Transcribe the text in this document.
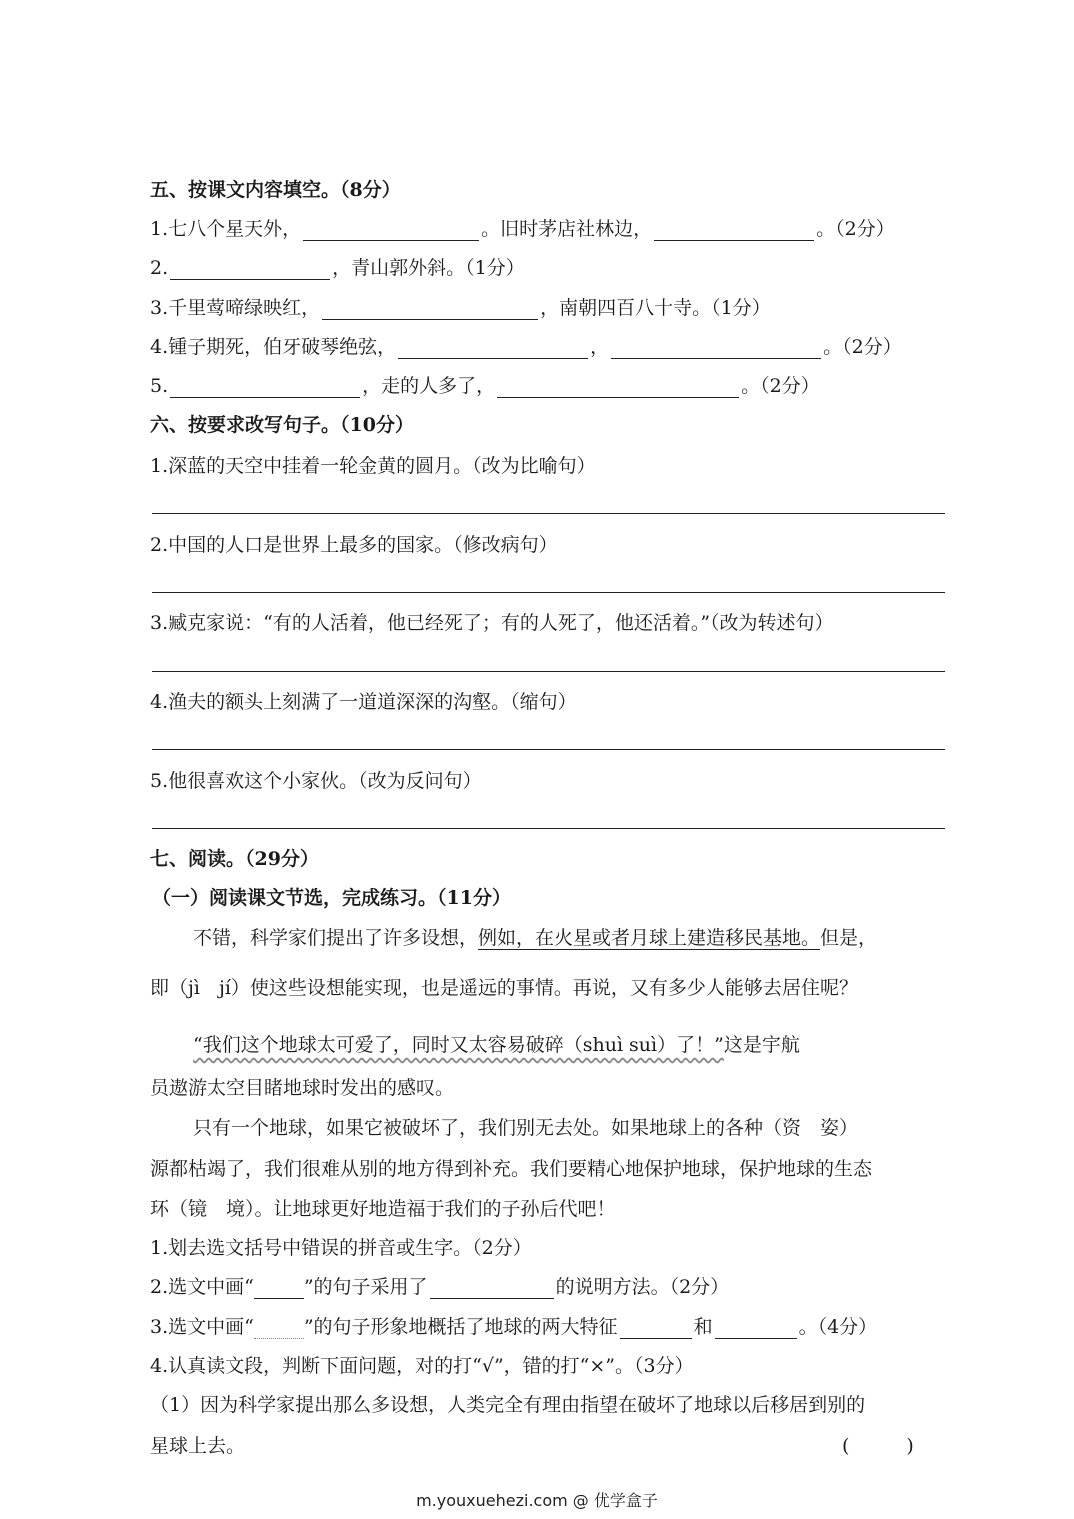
五、按课文内容填空。（8分）
1.七八个星天外，	。旧时茅店社林边，	。（2分）
2.	，青山郭外斜。（1分）
3.千里莺啼绿映红，	，南朝四百八十寺。（1分）
4.锺子期死，伯牙破琴绝弦，	，	。（2分）
5.	，走的人多了，	。（2分）
六、按要求改写句子。（10分）
1.深蓝的天空中挂着一轮金黄的圆月。（改为比喻句）
2.中国的人口是世界上最多的国家。（修改病句）
3.臧克家说：“有的人活着，他已经死了；有的人死了，他还活着。”（改为转述句）
4.渔夫的额头上刻满了一道道深深的沟壑。（缩句）
5.他很喜欢这个小家伙。（改为反问句）
七、阅读。（29分）
（一）阅读课文节选，完成练习。（11分）
不错，科学家们提出了许多设想，例如，在火星或者月球上建造移民基地。但是，
即（jì　jí）使这些设想能实现，也是遥远的事情。再说，又有多少人能够去居住呢？
“我们这个地球太可爱了，同时又太容易破碎（shuì suì）了！”这是宇航
员遨游太空目睹地球时发出的感叹。
只有一个地球，如果它被破坏了，我们别无去处。如果地球上的各种（资　姿）
源都枯竭了，我们很难从别的地方得到补充。我们要精心地保护地球，保护地球的生态
环（镜　境）。让地球更好地造福于我们的子孙后代吧！
1.划去选文括号中错误的拼音或生字。（2分）
2.选文中画“	”的句子采用了	的说明方法。（2分）
3.选文中画“	”的句子形象地概括了地球的两大特征	和	。（4分）
4.认真读文段，判断下面问题，对的打“√”，错的打“×”。（3分）
（1）因为科学家提出那么多设想，人类完全有理由指望在破坏了地球以后移居到别的
星球上去。	(　　　)
m.youxuehezi.com @ 优学盒子
